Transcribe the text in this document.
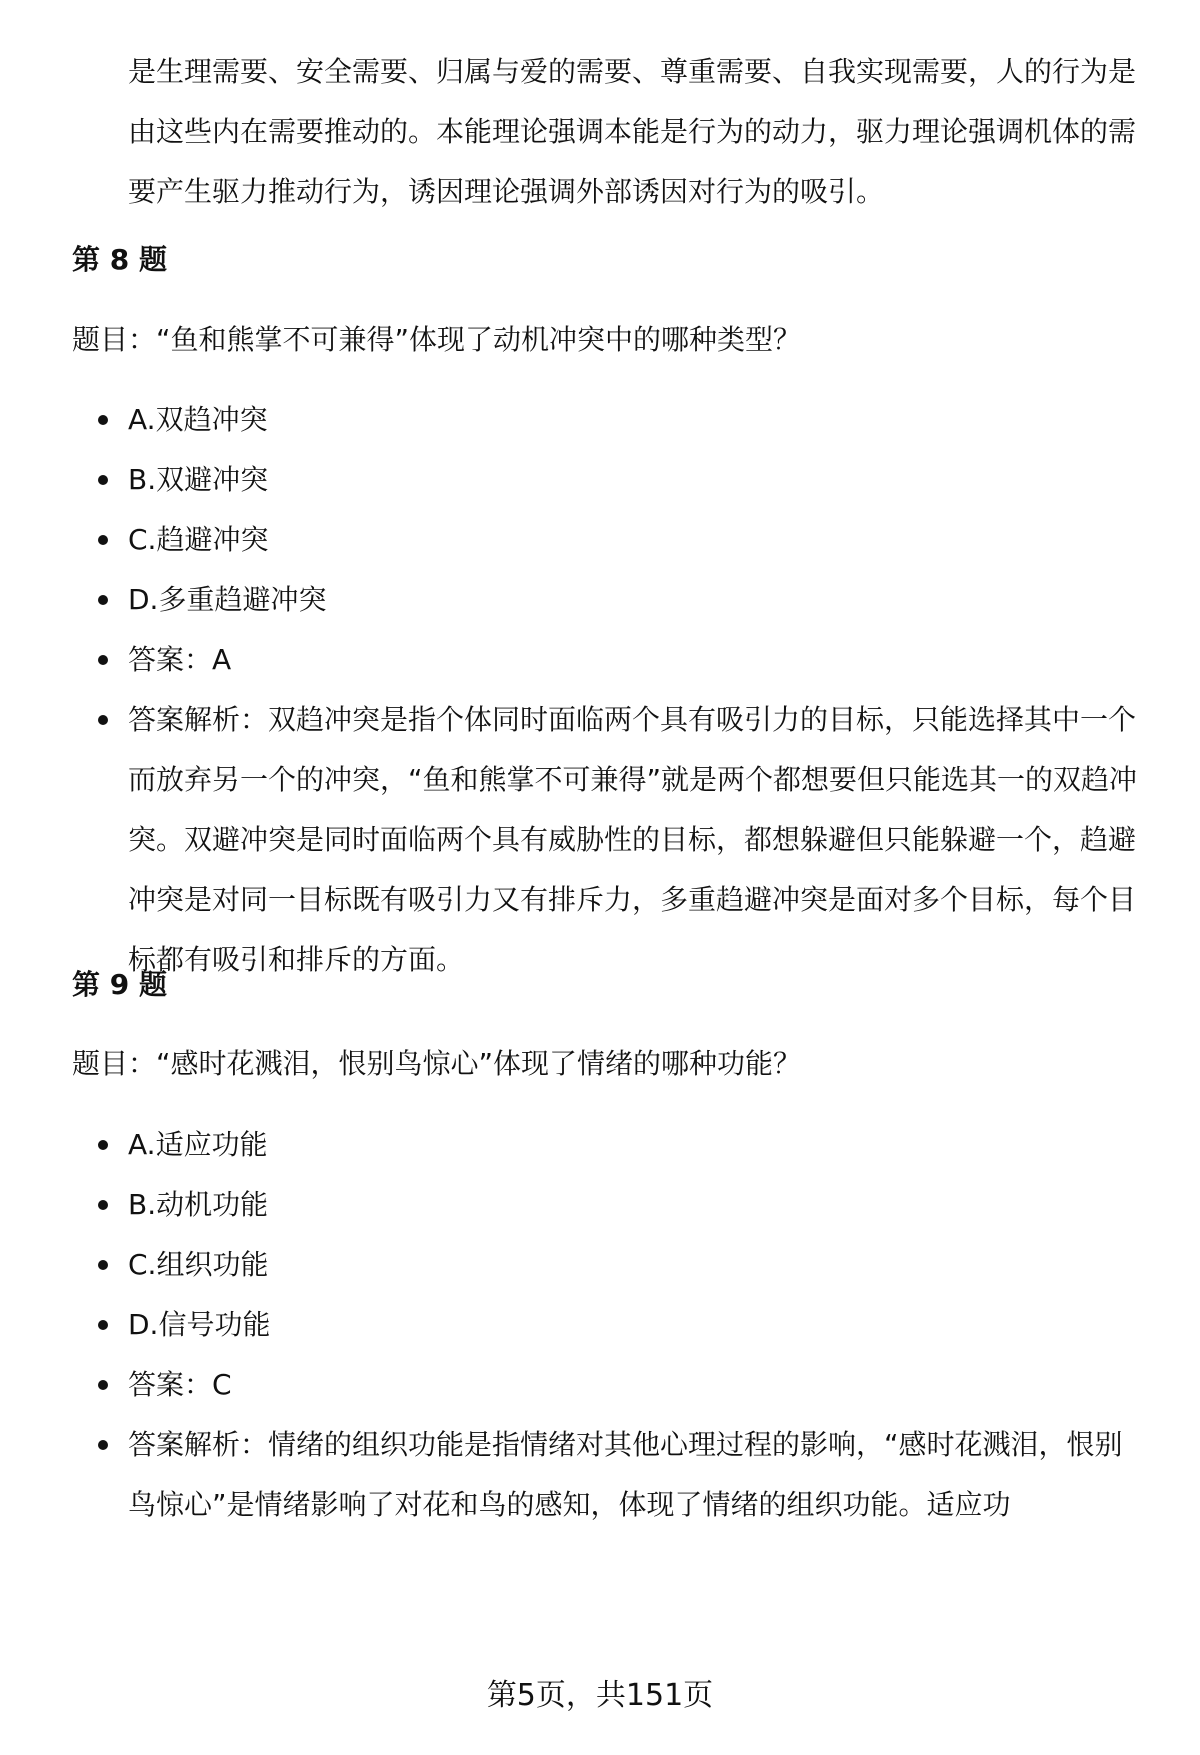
是生理需要、安全需要、归属与爱的需要、尊重需要、自我实现需要，人的行为是由这些内在需要推动的。本能理论强调本能是行为的动力，驱力理论强调机体的需要产生驱力推动行为，诱因理论强调外部诱因对行为的吸引。

第 8 题

题目：“鱼和熊掌不可兼得”体现了动机冲突中的哪种类型？

A.双趋冲突
B.双避冲突
C.趋避冲突
D.多重趋避冲突
答案：A
答案解析：双趋冲突是指个体同时面临两个具有吸引力的目标，只能选择其中一个而放弃另一个的冲突，“鱼和熊掌不可兼得”就是两个都想要但只能选其一的双趋冲突。双避冲突是同时面临两个具有威胁性的目标，都想躲避但只能躲避一个，趋避冲突是对同一目标既有吸引力又有排斥力，多重趋避冲突是面对多个目标，每个目标都有吸引和排斥的方面。
第 9 题

题目：“感时花溅泪，恨别鸟惊心”体现了情绪的哪种功能？

A.适应功能
B.动机功能
C.组织功能
D.信号功能
答案：C
答案解析：情绪的组织功能是指情绪对其他心理过程的影响，“感时花溅泪，恨别鸟惊心”是情绪影响了对花和鸟的感知，体现了情绪的组织功能。适应功
第5页，共151页
